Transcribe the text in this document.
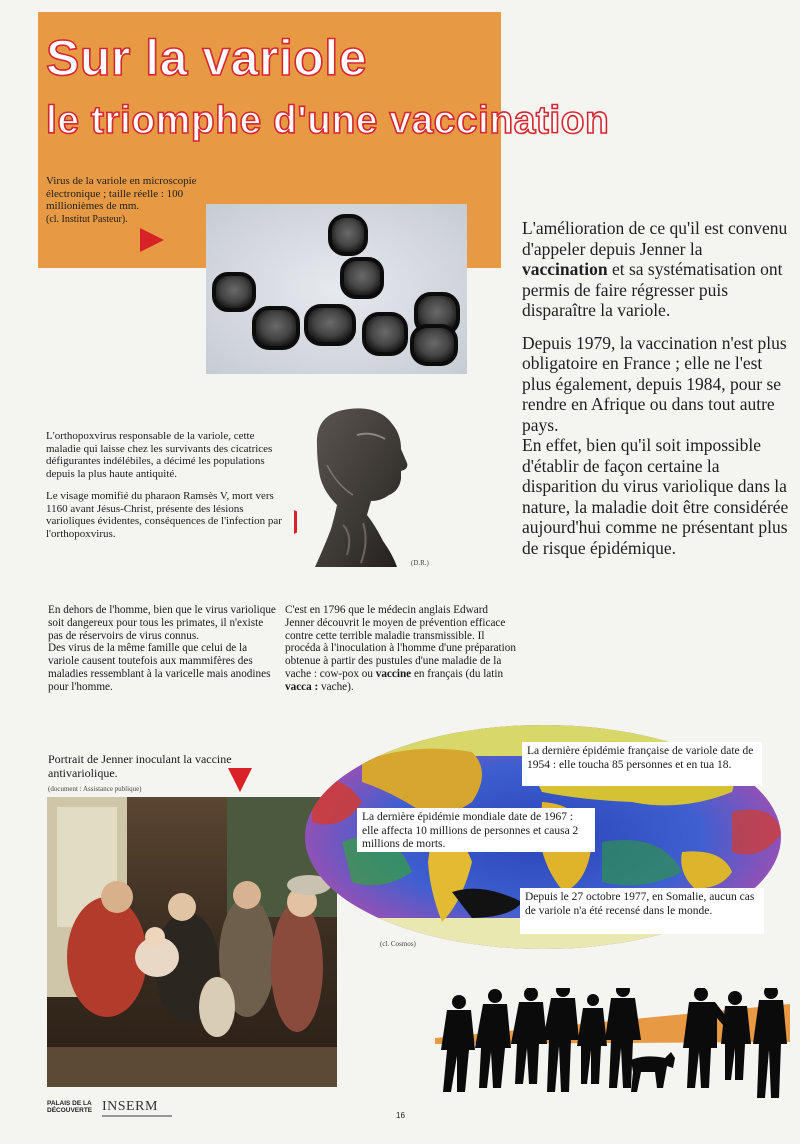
Sur la variole
le triomphe d'une vaccination
Virus de la variole en microscopie électronique ; taille réelle : 100 millionièmes de mm.
(cl. Institut Pasteur).	L'amélioration de ce qu'il est convenu d'appeler depuis Jenner la vaccination et sa systématisation ont permis de faire régresser puis disparaître la variole.

Depuis 1979, la vaccination n'est plus obligatoire en France ; elle ne l'est plus également, depuis 1984, pour se rendre en Afrique ou dans tout autre pays.

En effet, bien qu'il soit impossible d'établir de façon certaine la disparition du virus variolique dans la nature, la maladie doit être considérée aujourd'hui comme ne présentant plus de risque épidémique.

L'orthopoxvirus responsable de la variole, cette maladie qui laisse chez les survivants des cicatrices défigurantes indélébiles, a décimé les populations depuis la plus haute antiquité.

Le visage momifié du pharaon Ramsès V, mort vers 1160 avant Jésus-Christ, présente des lésions varioliques évidentes, conséquences de l'infection par l'orthopoxvirus.

(D.R.)

En dehors de l'homme, bien que le virus variolique soit dangereux pour tous les primates, il n'existe pas de réservoirs de virus connus.

Des virus de la même famille que celui de la variole causent toutefois aux mammifères des maladies ressemblant à la varicelle mais anodines pour l'homme.

C'est en 1796 que le médecin anglais Edward Jenner découvrit le moyen de prévention efficace contre cette terrible maladie transmissible. Il procéda à l'inoculation à l'homme d'une préparation obtenue à partir des pustules d'une maladie de la vache : cow-pox ou vaccine en français (du latin vacca : vache).

Portrait de Jenner inoculant la vaccine antivariolique.
(document : Assistance publique)
La dernière épidémie française de variole date de 1954 : elle toucha 85 personnes et en tua 18.
La dernière épidémie mondiale date de 1967 : elle affecta 10 millions de personnes et causa 2 millions de morts.
Depuis le 27 octobre 1977, en Somalie, aucun cas de variole n'a été recensé dans le monde.
(cl. Cosmos)
PALAIS DE LA DÉCOUVERTE INSERM
16
